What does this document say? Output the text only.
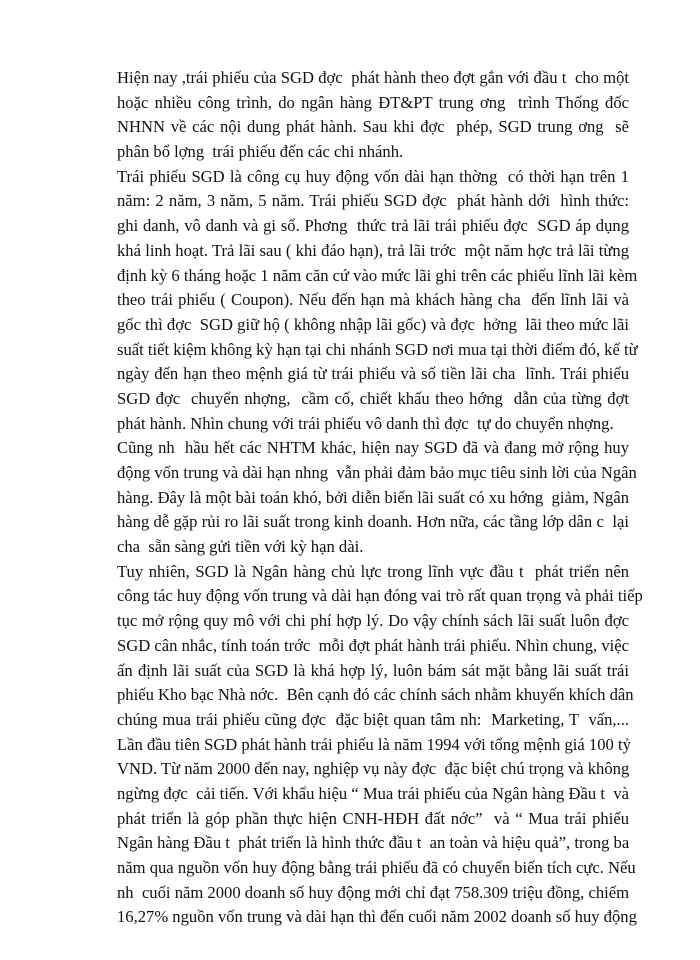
Hiện nay ,trái phiếu của SGD đợc  phát hành theo đợt gắn với đầu t  cho một
hoặc nhiều công trình, do ngân hàng ĐT&PT trung ơng  trình Thống đốc
NHNN về các nội dung phát hành. Sau khi đợc  phép, SGD trung ơng  sẽ
phân bổ lợng  trái phiếu đến các chi nhánh.
Trái phiếu SGD là công cụ huy động vốn dài hạn thờng  có thời hạn trên 1
năm: 2 năm, 3 năm, 5 năm. Trái phiếu SGD đợc  phát hành dới  hình thức:
ghi danh, vô danh và gi sổ. Phơng  thức trả lãi trái phiếu đợc  SGD áp dụng
khá linh hoạt. Trả lãi sau ( khi đáo hạn), trả lãi trớc  một năm hợc trả lãi từng
định kỳ 6 tháng hoặc 1 năm căn cứ vào mức lãi ghi trên các phiếu lĩnh lãi kèm
theo trái phiếu ( Coupon). Nếu đến hạn mà khách hàng cha  đến lĩnh lãi và
gốc thì đợc  SGD giữ hộ ( không nhập lãi gốc) và đợc  hởng  lãi theo mức lãi
suất tiết kiệm không kỳ hạn tại chi nhánh SGD nơi mua tại thời điểm đó, kể từ
ngày đến hạn theo mệnh giá từ trái phiếu và số tiền lãi cha  lĩnh. Trái phiếu
SGD đợc  chuyển nhợng,  cầm cố, chiết khấu theo hớng  dẫn của từng đợt
phát hành. Nhìn chung với trái phiếu vô danh thì đợc  tự do chuyển nhợng.
Cũng nh  hầu hết các NHTM khác, hiện nay SGD đã và đang mở rộng huy
động vốn trung và dài hạn nhng  vẫn phải đảm bảo mục tiêu sinh lời của Ngân
hàng. Đây là một bài toán khó, bởi diễn biến lãi suất có xu hớng  giảm, Ngân
hàng dễ gặp rủi ro lãi suất trong kinh doanh. Hơn nữa, các tầng lớp dân c  lại
cha  sẵn sàng gửi tiền với kỳ hạn dài.
Tuy nhiên, SGD là Ngân hàng chủ lực trong lĩnh vực đầu t  phát triển nên
công tác huy động vốn trung và dài hạn đóng vai trò rất quan trọng và phải tiếp
tục mở rộng quy mô với chi phí hợp lý. Do vậy chính sách lãi suất luôn đợc
SGD cân nhắc, tính toán trớc  mỗi đợt phát hành trái phiếu. Nhìn chung, việc
ấn định lãi suất của SGD là khá hợp lý, luôn bám sát mặt bằng lãi suất trái
phiếu Kho bạc Nhà nớc.  Bên cạnh đó các chính sách nhằm khuyến khích dân
chúng mua trái phiếu cũng đợc  đặc biệt quan tâm nh:  Marketing, T  vấn,...
Lần đầu tiên SGD phát hành trái phiếu là năm 1994 với tổng mệnh giá 100 tỷ
VND. Từ năm 2000 đến nay, nghiệp vụ này đợc  đặc biệt chú trọng và không
ngừng đợc  cải tiến. Với khẩu hiệu “ Mua trái phiếu của Ngân hàng Đầu t  và
phát triển là góp phần thực hiện CNH-HĐH đất nớc”  và “ Mua trái phiếu
Ngân hàng Đầu t  phát triển là hình thức đầu t  an toàn và hiệu quả”, trong ba
năm qua nguồn vốn huy động bằng trái phiếu đã có chuyển biến tích cực. Nếu
nh  cuối năm 2000 doanh số huy động mới chỉ đạt 758.309 triệu đồng, chiếm
16,27% nguồn vốn trung và dài hạn thì đến cuối năm 2002 doanh số huy động
